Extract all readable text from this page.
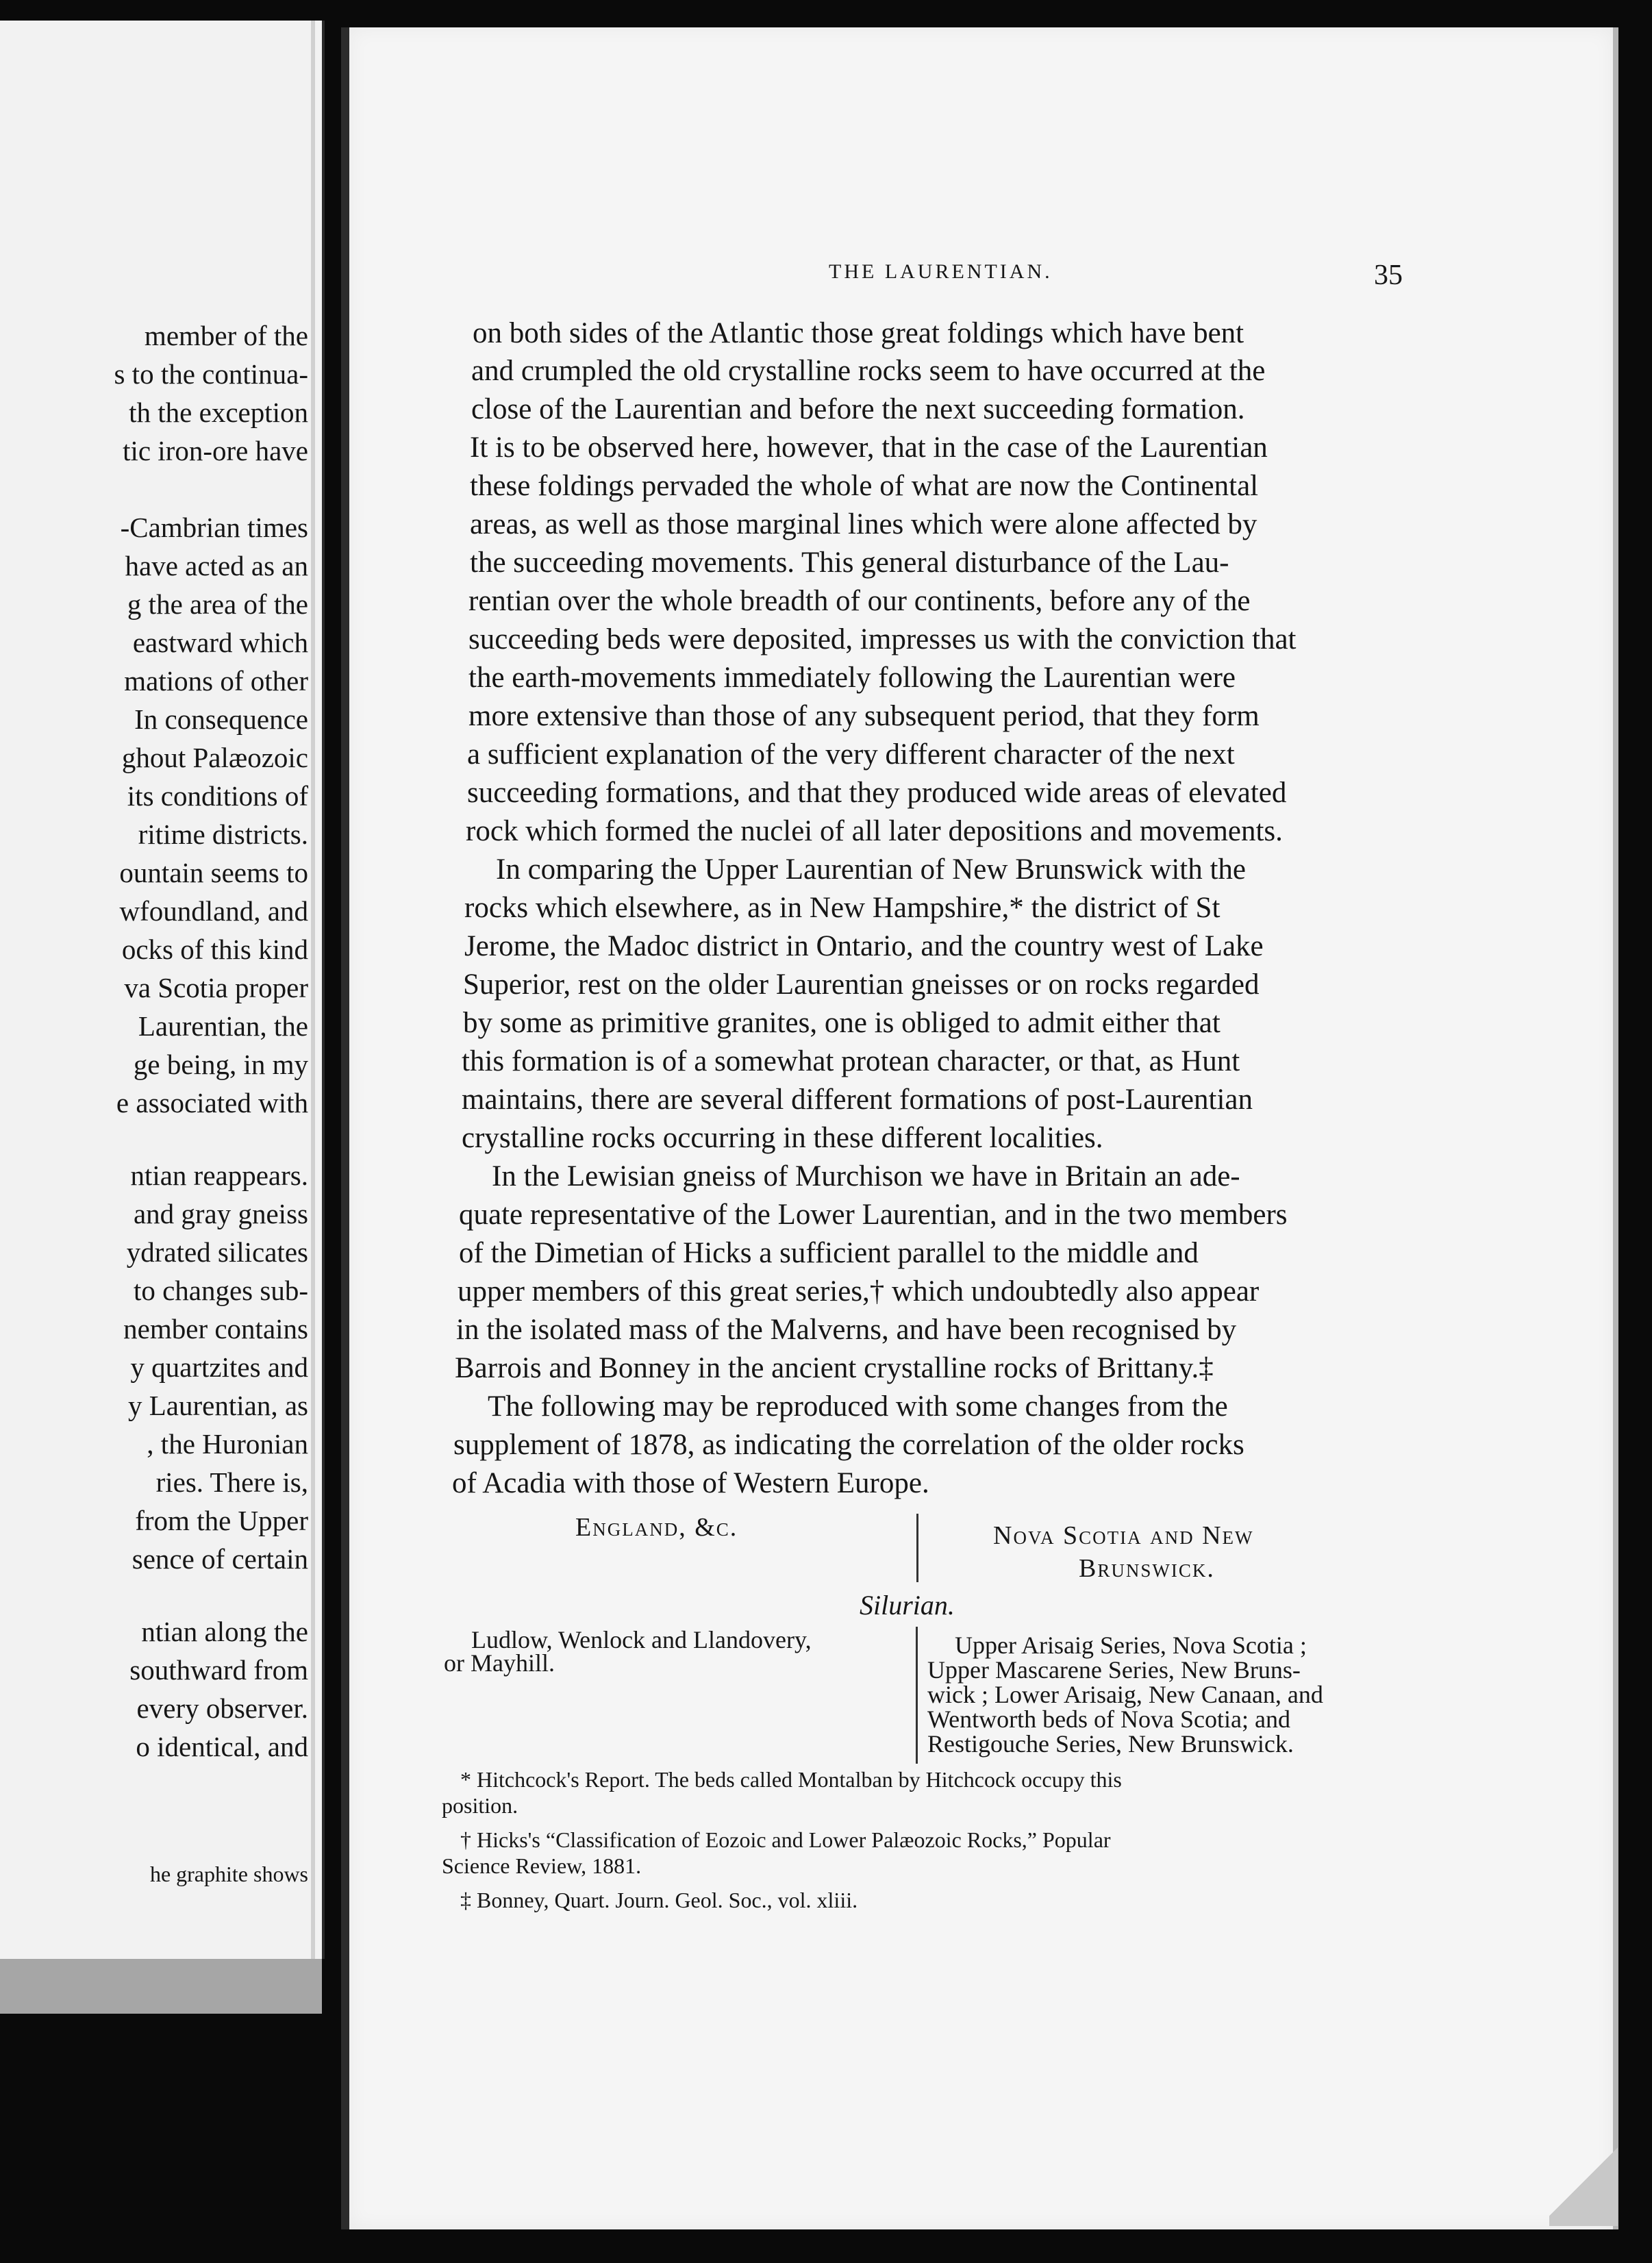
member of the
s to the continua-
th the exception
tic iron-ore have
-Cambrian times
have acted as an
g the area of the
eastward which
mations of other
In consequence
ghout Palæozoic
its conditions of
ritime districts.
ountain seems to
wfoundland, and
ocks of this kind
va Scotia proper
Laurentian, the
ge being, in my
e associated with
ntian reappears.
and gray gneiss
ydrated silicates
to changes sub-
nember contains
y quartzites and
y Laurentian, as
, the Huronian
ries. There is,
from the Upper
sence of certain
ntian along the
southward from
every observer.
o identical, and
he graphite shows
THE LAURENTIAN.	35
on both sides of the Atlantic those great foldings which have bent
and crumpled the old crystalline rocks seem to have occurred at the
close of the Laurentian and before the next succeeding formation.
It is to be observed here, however, that in the case of the Laurentian
these foldings pervaded the whole of what are now the Continental
areas, as well as those marginal lines which were alone affected by
the succeeding movements. This general disturbance of the Lau-
rentian over the whole breadth of our continents, before any of the
succeeding beds were deposited, impresses us with the conviction that
the earth-movements immediately following the Laurentian were
more extensive than those of any subsequent period, that they form
a sufficient explanation of the very different character of the next
succeeding formations, and that they produced wide areas of elevated
rock which formed the nuclei of all later depositions and movements.
In comparing the Upper Laurentian of New Brunswick with the
rocks which elsewhere, as in New Hampshire,* the district of St
Jerome, the Madoc district in Ontario, and the country west of Lake
Superior, rest on the older Laurentian gneisses or on rocks regarded
by some as primitive granites, one is obliged to admit either that
this formation is of a somewhat protean character, or that, as Hunt
maintains, there are several different formations of post-Laurentian
crystalline rocks occurring in these different localities.
In the Lewisian gneiss of Murchison we have in Britain an ade-
quate representative of the Lower Laurentian, and in the two members
of the Dimetian of Hicks a sufficient parallel to the middle and
upper members of this great series,† which undoubtedly also appear
in the isolated mass of the Malverns, and have been recognised by
Barrois and Bonney in the ancient crystalline rocks of Brittany.‡
The following may be reproduced with some changes from the
supplement of 1878, as indicating the correlation of the older rocks
of Acadia with those of Western Europe.
England, &c.	Nova Scotia and New
Brunswick.
Silurian.
Ludlow, Wenlock and Llandovery,
or Mayhill.
Upper Arisaig Series, Nova Scotia ;
Upper Mascarene Series, New Bruns-
wick ; Lower Arisaig, New Canaan, and
Wentworth beds of Nova Scotia; and
Restigouche Series, New Brunswick.
* Hitchcock's Report. The beds called Montalban by Hitchcock occupy this
position.
† Hicks's “Classification of Eozoic and Lower Palæozoic Rocks,” Popular
Science Review, 1881.
‡ Bonney, Quart. Journ. Geol. Soc., vol. xliii.
